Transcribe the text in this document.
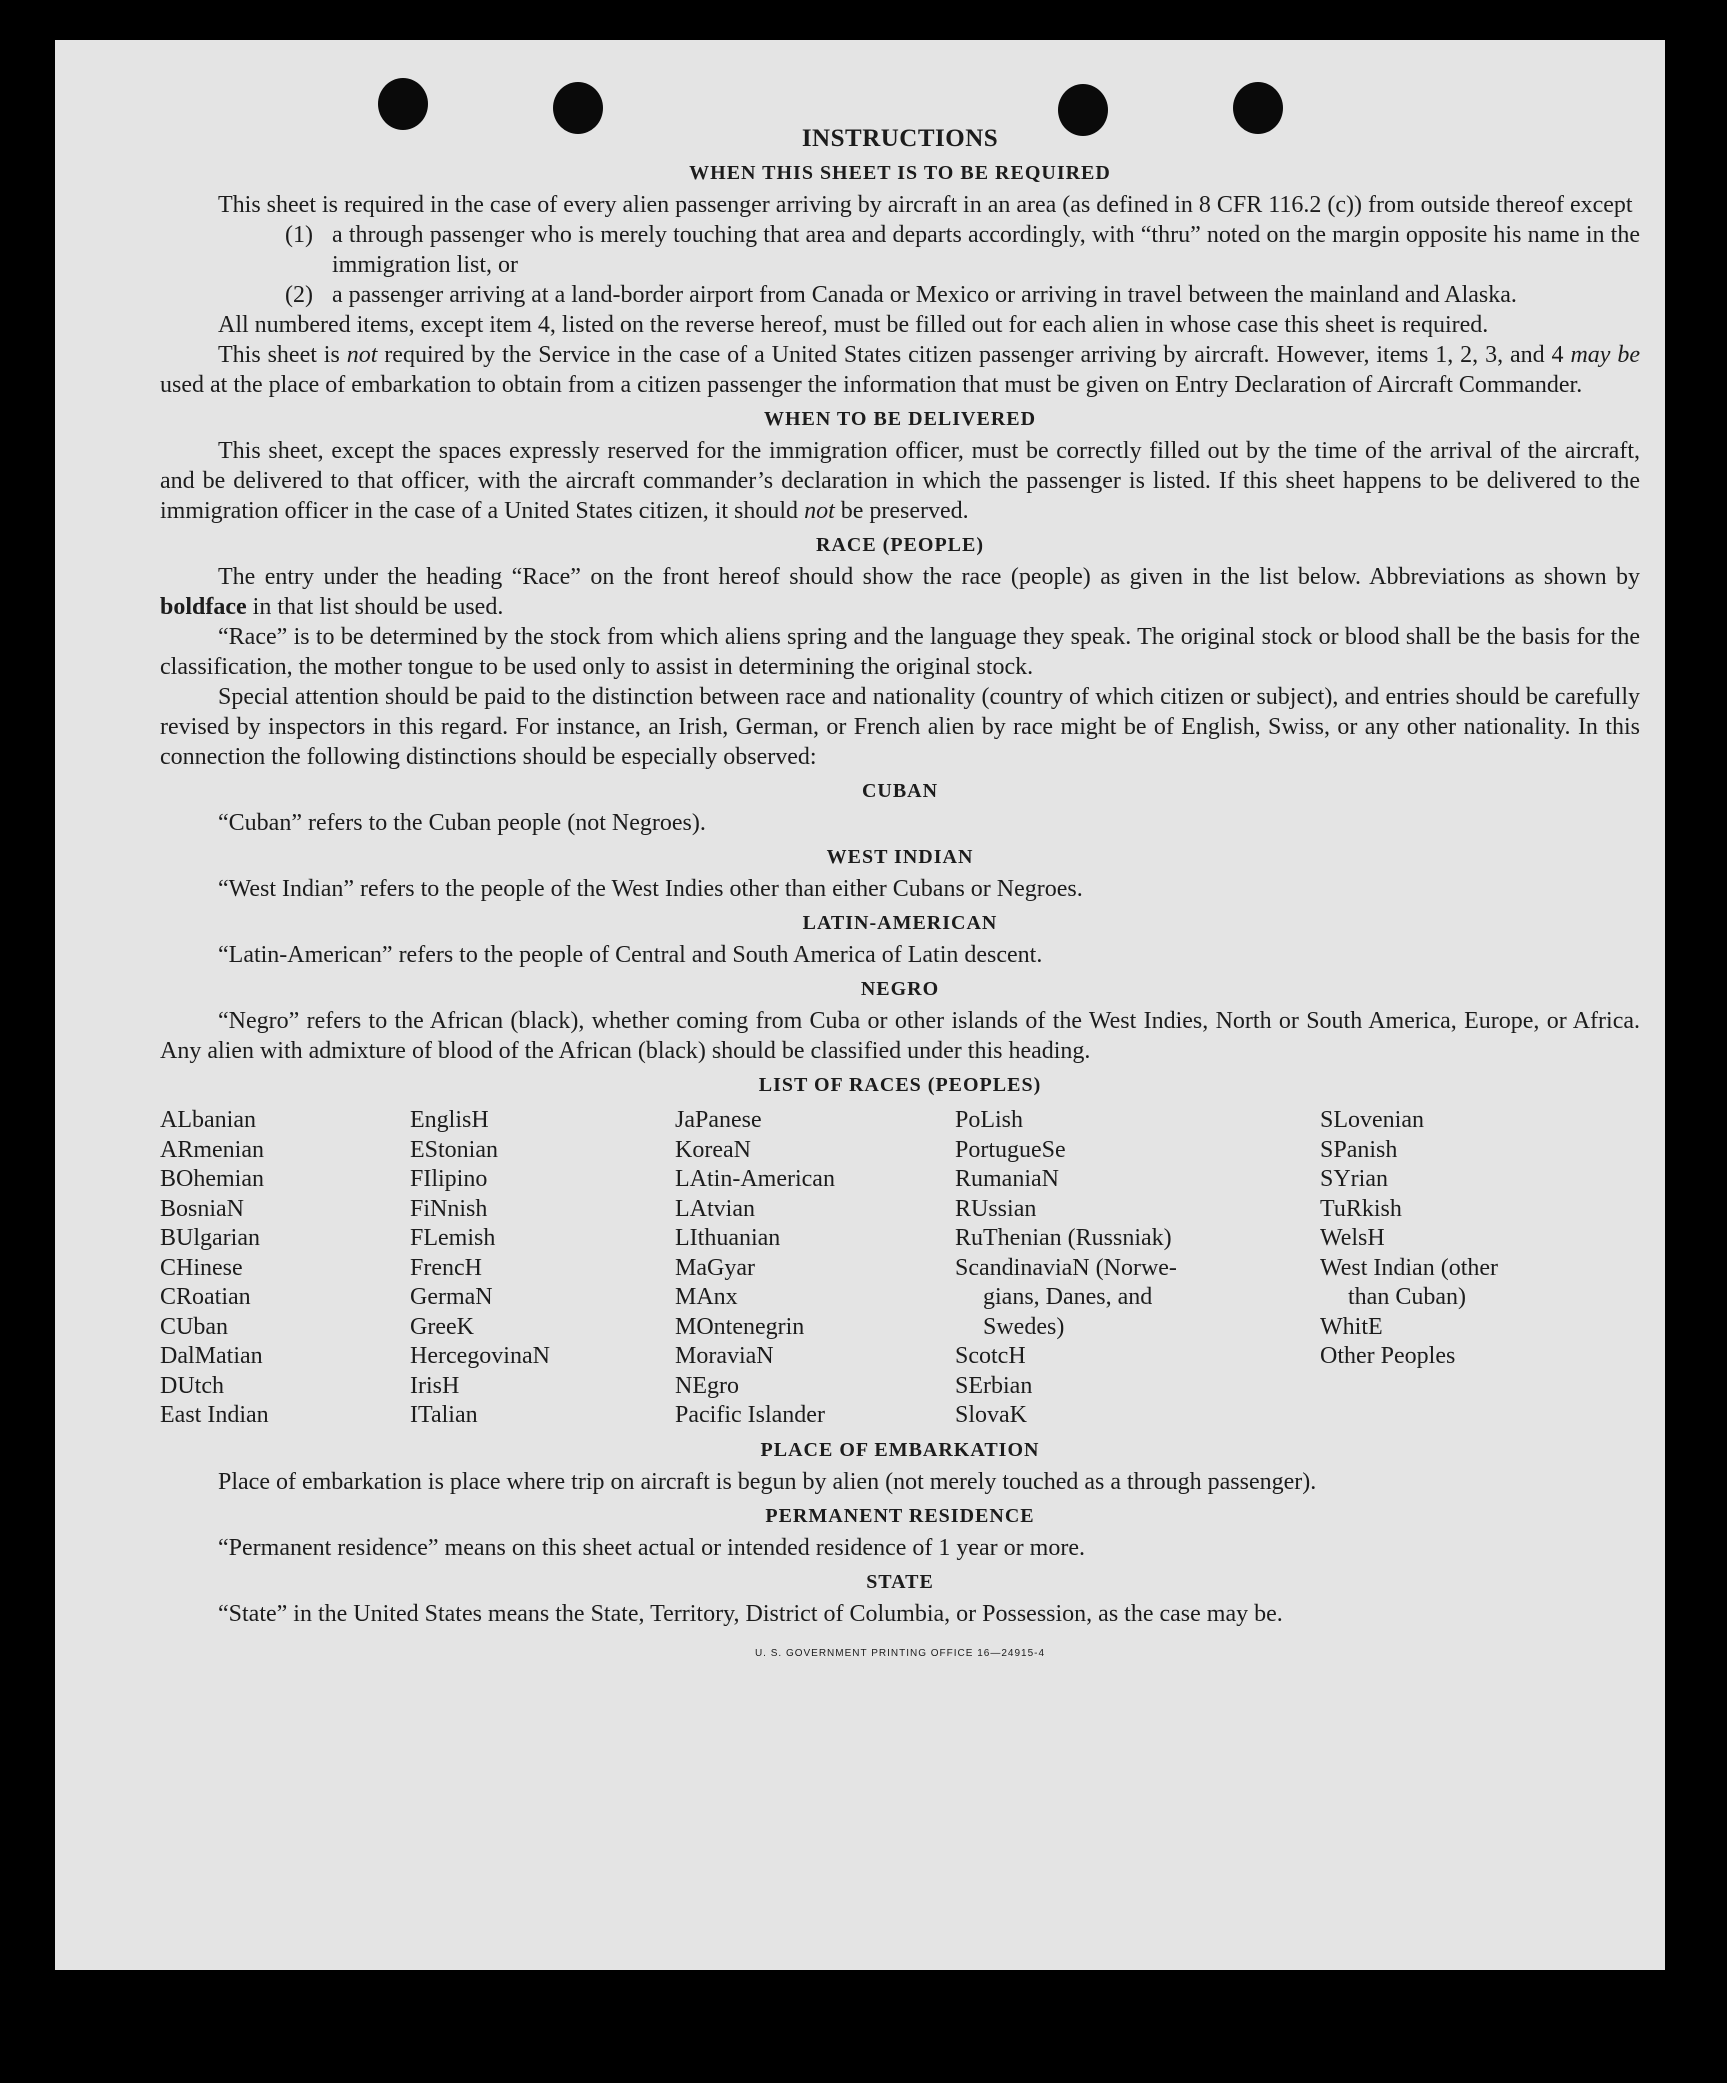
INSTRUCTIONS
WHEN THIS SHEET IS TO BE REQUIRED

This sheet is required in the case of every alien passenger arriving by aircraft in an area (as defined in 8 CFR 116.2 (c)) from outside thereof except

(1) a through passenger who is merely touching that area and departs accordingly, with “thru” noted on the margin opposite his name in the immigration list, or

(2) a passenger arriving at a land-border airport from Canada or Mexico or arriving in travel between the mainland and Alaska.

All numbered items, except item 4, listed on the reverse hereof, must be filled out for each alien in whose case this sheet is required.

This sheet is not required by the Service in the case of a United States citizen passenger arriving by aircraft. However, items 1, 2, 3, and 4 may be used at the place of embarkation to obtain from a citizen passenger the information that must be given on Entry Declaration of Aircraft Commander.

WHEN TO BE DELIVERED

This sheet, except the spaces expressly reserved for the immigration officer, must be correctly filled out by the time of the arrival of the aircraft, and be delivered to that officer, with the aircraft commander’s declaration in which the passenger is listed. If this sheet happens to be delivered to the immigration officer in the case of a United States citizen, it should not be preserved.

RACE (PEOPLE)

The entry under the heading “Race” on the front hereof should show the race (people) as given in the list below. Abbreviations as shown by boldface in that list should be used.

“Race” is to be determined by the stock from which aliens spring and the language they speak. The original stock or blood shall be the basis for the classification, the mother tongue to be used only to assist in determining the original stock.

Special attention should be paid to the distinction between race and nationality (country of which citizen or subject), and entries should be carefully revised by inspectors in this regard. For instance, an Irish, German, or French alien by race might be of English, Swiss, or any other nationality. In this connection the following distinctions should be especially observed:

CUBAN

“Cuban” refers to the Cuban people (not Negroes).

WEST INDIAN

“West Indian” refers to the people of the West Indies other than either Cubans or Negroes.

LATIN-AMERICAN

“Latin-American” refers to the people of Central and South America of Latin descent.

NEGRO

“Negro” refers to the African (black), whether coming from Cuba or other islands of the West Indies, North or South America, Europe, or Africa. Any alien with admixture of blood of the African (black) should be classified under this heading.

LIST OF RACES (PEOPLES)
ALbanian
ARmenian
BOhemian
BosniaN
BUlgarian
CHinese
CRoatian
CUban
DalMatian
DUtch
East Indian
EnglisH
EStonian
FIlipino
FiNnish
FLemish
FrencH
GermaN
GreeK
HercegovinaN
IrisH
ITalian
JaPanese
KoreaN
LAtin-American
LAtvian
LIthuanian
MaGyar
MAnx
MOntenegrin
MoraviaN
NEgro
Pacific Islander
PoLish
PortugueSe
RumaniaN
RUssian
RuThenian (Russniak)
ScandinaviaN (Norwe-
gians, Danes, and
Swedes)
ScotcH
SErbian
SlovaK
SLovenian
SPanish
SYrian
TuRkish
WelsH
West Indian (other
than Cuban)
WhitE
Other Peoples
PLACE OF EMBARKATION

Place of embarkation is place where trip on aircraft is begun by alien (not merely touched as a through passenger).

PERMANENT RESIDENCE

“Permanent residence” means on this sheet actual or intended residence of 1 year or more.

STATE

“State” in the United States means the State, Territory, District of Columbia, or Possession, as the case may be.

U. S. GOVERNMENT PRINTING OFFICE 16—24915-4
